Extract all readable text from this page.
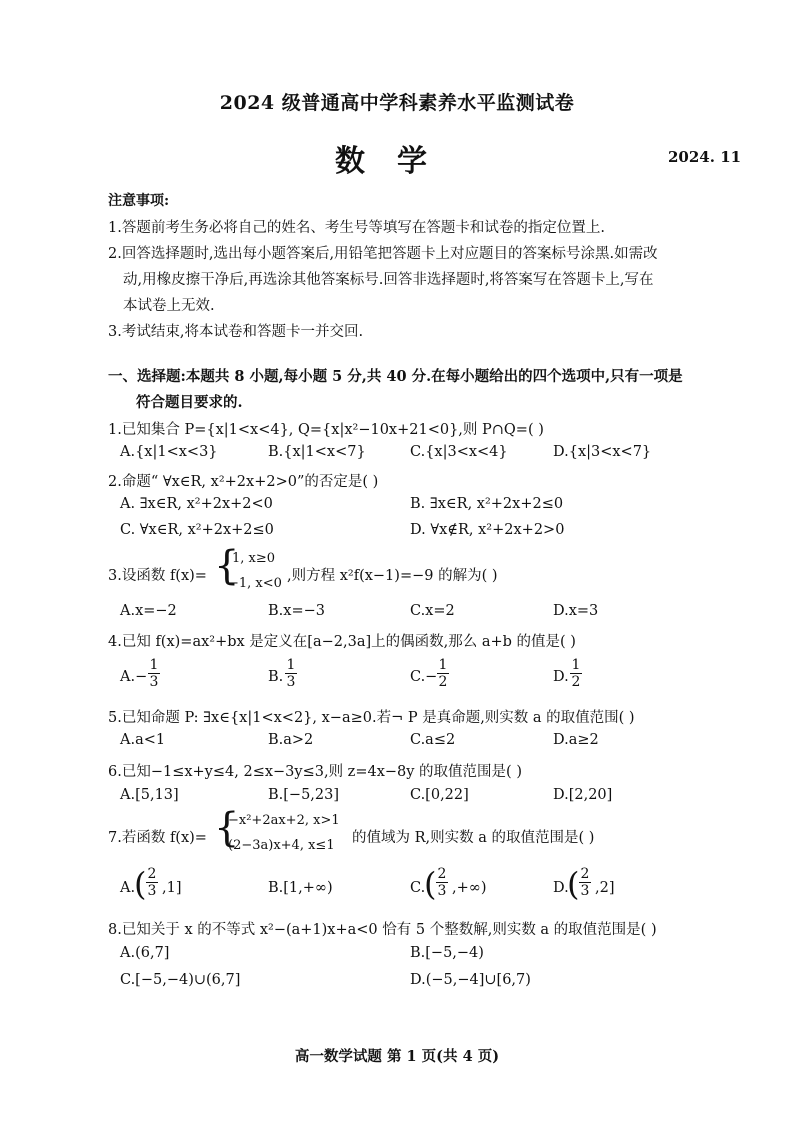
2024 级普通高中学科素养水平监测试卷
数学	2024. 11
注意事项:
1.答题前考生务必将自己的姓名、考生号等填写在答题卡和试卷的指定位置上.
2.回答选择题时,选出每小题答案后,用铅笔把答题卡上对应题目的答案标号涂黑.如需改
动,用橡皮擦干净后,再选涂其他答案标号.回答非选择题时,将答案写在答题卡上,写在
本试卷上无效.
3.考试结束,将本试卷和答题卡一并交回.
一、选择题:本题共 8 小题,每小题 5 分,共 40 分.在每小题给出的四个选项中,只有一项是
符合题目要求的.
1.已知集合 P={x|1<x<4}, Q={x|x²−10x+21<0},则 P∩Q=( )
A.{x|1<x<3}	B.{x|1<x<7}	C.{x|3<x<4}	D.{x|3<x<7}
2.命题“ ∀x∈R, x²+2x+2>0”的否定是( )
A. ∃x∈R, x²+2x+2<0	B. ∃x∈R, x²+2x+2≤0
C. ∀x∈R, x²+2x+2≤0	D. ∀x∉R, x²+2x+2>0
3.设函数 f(x)= {
1, x≥0
−1, x<0 ,则方程 x²f(x−1)=−9 的解为( )
A.x=−2	B.x=−3	C.x=2	D.x=3
4.已知 f(x)=ax²+bx 是定义在[a−2,3a]上的偶函数,那么 a+b 的值是( )
A.−
1
3	B.
1
3	C.−
1
2	D.
1
2
5.已知命题 P: ∃x∈{x|1<x<2}, x−a≥0.若¬ P 是真命题,则实数 a 的取值范围( )
A.a<1	B.a>2	C.a≤2	D.a≥2
6.已知−1≤x+y≤4, 2≤x−3y≤3,则 z=4x−8y 的取值范围是( )
A.[5,13]	B.[−5,23]	C.[0,22]	D.[2,20]
7.若函数 f(x)= {
−x²+2ax+2, x>1
(2−3a)x+4, x≤1 的值域为 R,则实数 a 的取值范围是( )
A.
( 2
3 ,1]	B.[1,+∞)	C.
( 2
3 ,+∞)	D.
( 2
3 ,2]
8.已知关于 x 的不等式 x²−(a+1)x+a<0 恰有 5 个整数解,则实数 a 的取值范围是( )
A.(6,7]	B.[−5,−4)
C.[−5,−4)∪(6,7]	D.(−5,−4]∪[6,7)
高一数学试题 第 1 页(共 4 页)
